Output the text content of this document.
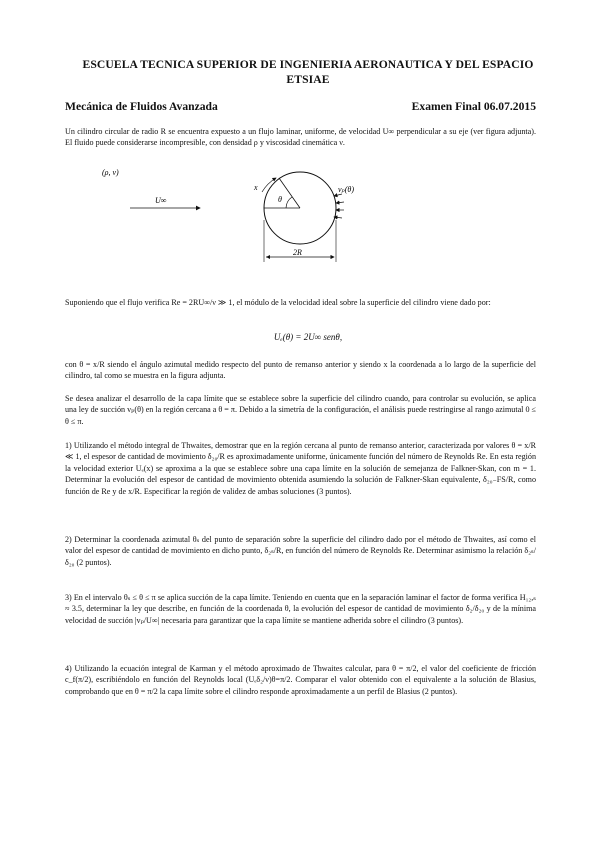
ESCUELA TECNICA SUPERIOR DE INGENIERIA AERONAUTICA Y DEL ESPACIO ETSIAE
Mecánica de Fluidos Avanzada	Examen Final 06.07.2015
Un cilindro circular de radio R se encuentra expuesto a un flujo laminar, uniforme, de velocidad U∞ perpendicular a su eje (ver figura adjunta). El fluido puede considerarse incompresible, con densidad ρ y viscosidad cinemática ν.
(ρ, ν)
U∞	θ
x	vₚ(θ)
2R
Suponiendo que el flujo verifica Re = 2RU∞/ν ≫ 1, el módulo de la velocidad ideal sobre la superficie del cilindro viene dado por:
Uₑ(θ) = 2U∞ senθ,
con θ = x/R siendo el ángulo azimutal medido respecto del punto de remanso anterior y siendo x la coordenada a lo largo de la superficie del cilindro, tal como se muestra en la figura adjunta.
Se desea analizar el desarrollo de la capa límite que se establece sobre la superficie del cilindro cuando, para controlar su evolución, se aplica una ley de succión vₚ(θ) en la región cercana a θ = π. Debido a la simetría de la configuración, el análisis puede restringirse al rango azimutal 0 ≤ θ ≤ π.
1) Utilizando el método integral de Thwaites, demostrar que en la región cercana al punto de remanso anterior, caracterizada por valores θ = x/R ≪ 1, el espesor de cantidad de movimiento δ₂₀/R es aproximadamente uniforme, únicamente función del número de Reynolds Re. En esta región la velocidad exterior Uₑ(x) se aproxima a la que se establece sobre una capa límite en la solución de semejanza de Falkner-Skan, con m = 1. Determinar la evolución del espesor de cantidad de movimiento obtenida asumiendo la solución de Falkner-Skan equivalente, δ₂₀₋FS/R, como función de Re y de x/R. Especificar la región de validez de ambas soluciones (3 puntos).
2) Determinar la coordenada azimutal θₛ del punto de separación sobre la superficie del cilindro dado por el método de Thwaites, así como el valor del espesor de cantidad de movimiento en dicho punto, δ₂ₛ/R, en función del número de Reynolds Re. Determinar asimismo la relación δ₂ₛ/δ₂₀ (2 puntos).
3) En el intervalo θₛ ≤ θ ≤ π se aplica succión de la capa límite. Teniendo en cuenta que en la separación laminar el factor de forma verifica H₁₂,ₛ ≈ 3.5, determinar la ley que describe, en función de la coordenada θ, la evolución del espesor de cantidad de movimiento δ₂/δ₂₀ y de la mínima velocidad de succión |vₚ/U∞| necesaria para garantizar que la capa límite se mantiene adherida sobre el cilindro (3 puntos).
4) Utilizando la ecuación integral de Karman y el método aproximado de Thwaites calcular, para θ = π/2, el valor del coeficiente de fricción c_f(π/2), escribiéndolo en función del Reynolds local (Uₑδ₂/ν)θ=π/2. Comparar el valor obtenido con el equivalente a la solución de Blasius, comprobando que en θ = π/2 la capa límite sobre el cilindro responde aproximadamente a un perfil de Blasius (2 puntos).
